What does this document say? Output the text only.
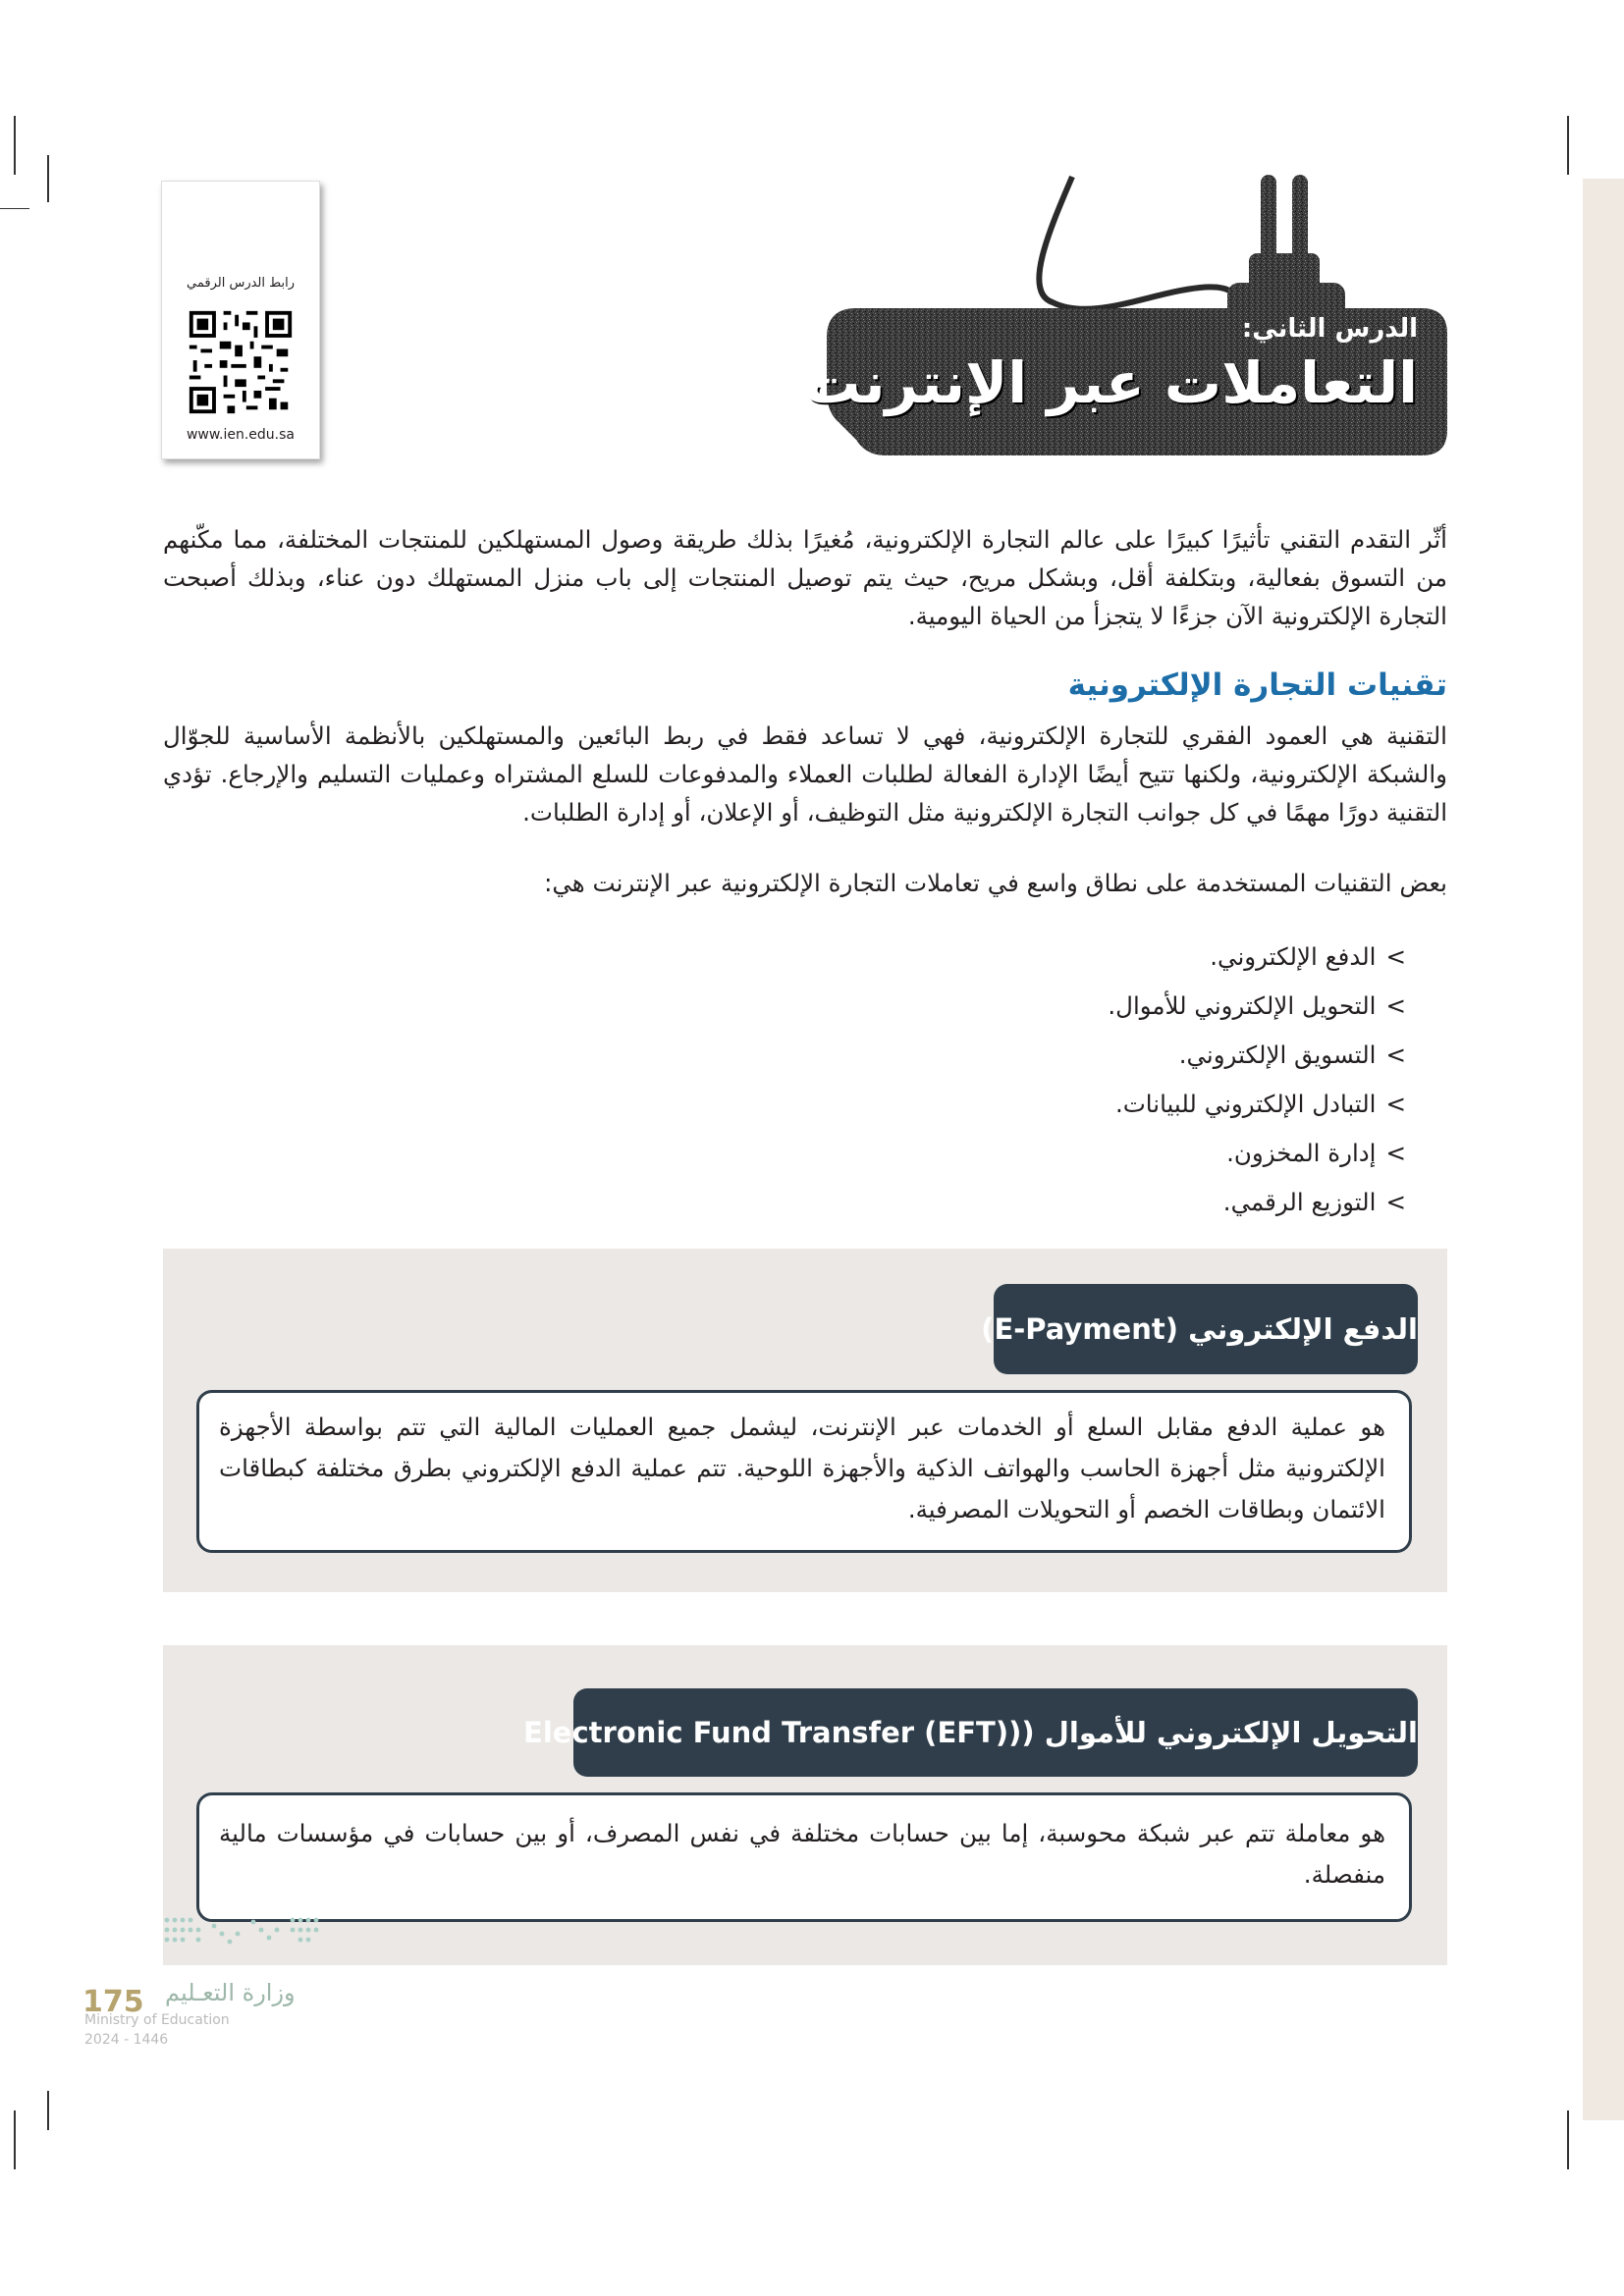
رابط الدرس الرقمي
www.ien.edu.sa
الدرس الثاني:
التعاملات عبر الإنترنت
أثّر التقدم التقني تأثيرًا كبيرًا على عالم التجارة الإلكترونية، مُغيرًا بذلك طريقة وصول المستهلكين للمنتجات المختلفة، مما مكّنهم من التسوق بفعالية، وبتكلفة أقل، وبشكل مريح، حيث يتم توصيل المنتجات إلى باب منزل المستهلك دون عناء، وبذلك أصبحت التجارة الإلكترونية الآن جزءًا لا يتجزأ من الحياة اليومية.
تقنيات التجارة الإلكترونية
التقنية هي العمود الفقري للتجارة الإلكترونية، فهي لا تساعد فقط في ربط البائعين والمستهلكين بالأنظمة الأساسية للجوّال والشبكة الإلكترونية، ولكنها تتيح أيضًا الإدارة الفعالة لطلبات العملاء والمدفوعات للسلع المشتراه وعمليات التسليم والإرجاع. تؤدي التقنية دورًا مهمًا في كل جوانب التجارة الإلكترونية مثل التوظيف، أو الإعلان، أو إدارة الطلبات.
بعض التقنيات المستخدمة على نطاق واسع في تعاملات التجارة الإلكترونية عبر الإنترنت هي:
>الدفع الإلكتروني.
>التحويل الإلكتروني للأموال.
>التسويق الإلكتروني.
>التبادل الإلكتروني للبيانات.
>إدارة المخزون.
>التوزيع الرقمي.
الدفع الإلكتروني (E-Payment)
هو عملية الدفع مقابل السلع أو الخدمات عبر الإنترنت، ليشمل جميع العمليات المالية التي تتم بواسطة الأجهزة الإلكترونية مثل أجهزة الحاسب والهواتف الذكية والأجهزة اللوحية. تتم عملية الدفع الإلكتروني بطرق مختلفة كبطاقات الائتمان وبطاقات الخصم أو التحويلات المصرفية.
التحويل الإلكتروني للأموال ((Electronic Fund Transfer (EFT)
هو معاملة تتم عبر شبكة محوسبة، إما بين حسابات مختلفة في نفس المصرف، أو بين حسابات في مؤسسات مالية منفصلة.
وزارة التعـليم
175
Ministry of Education
2024 - 1446
